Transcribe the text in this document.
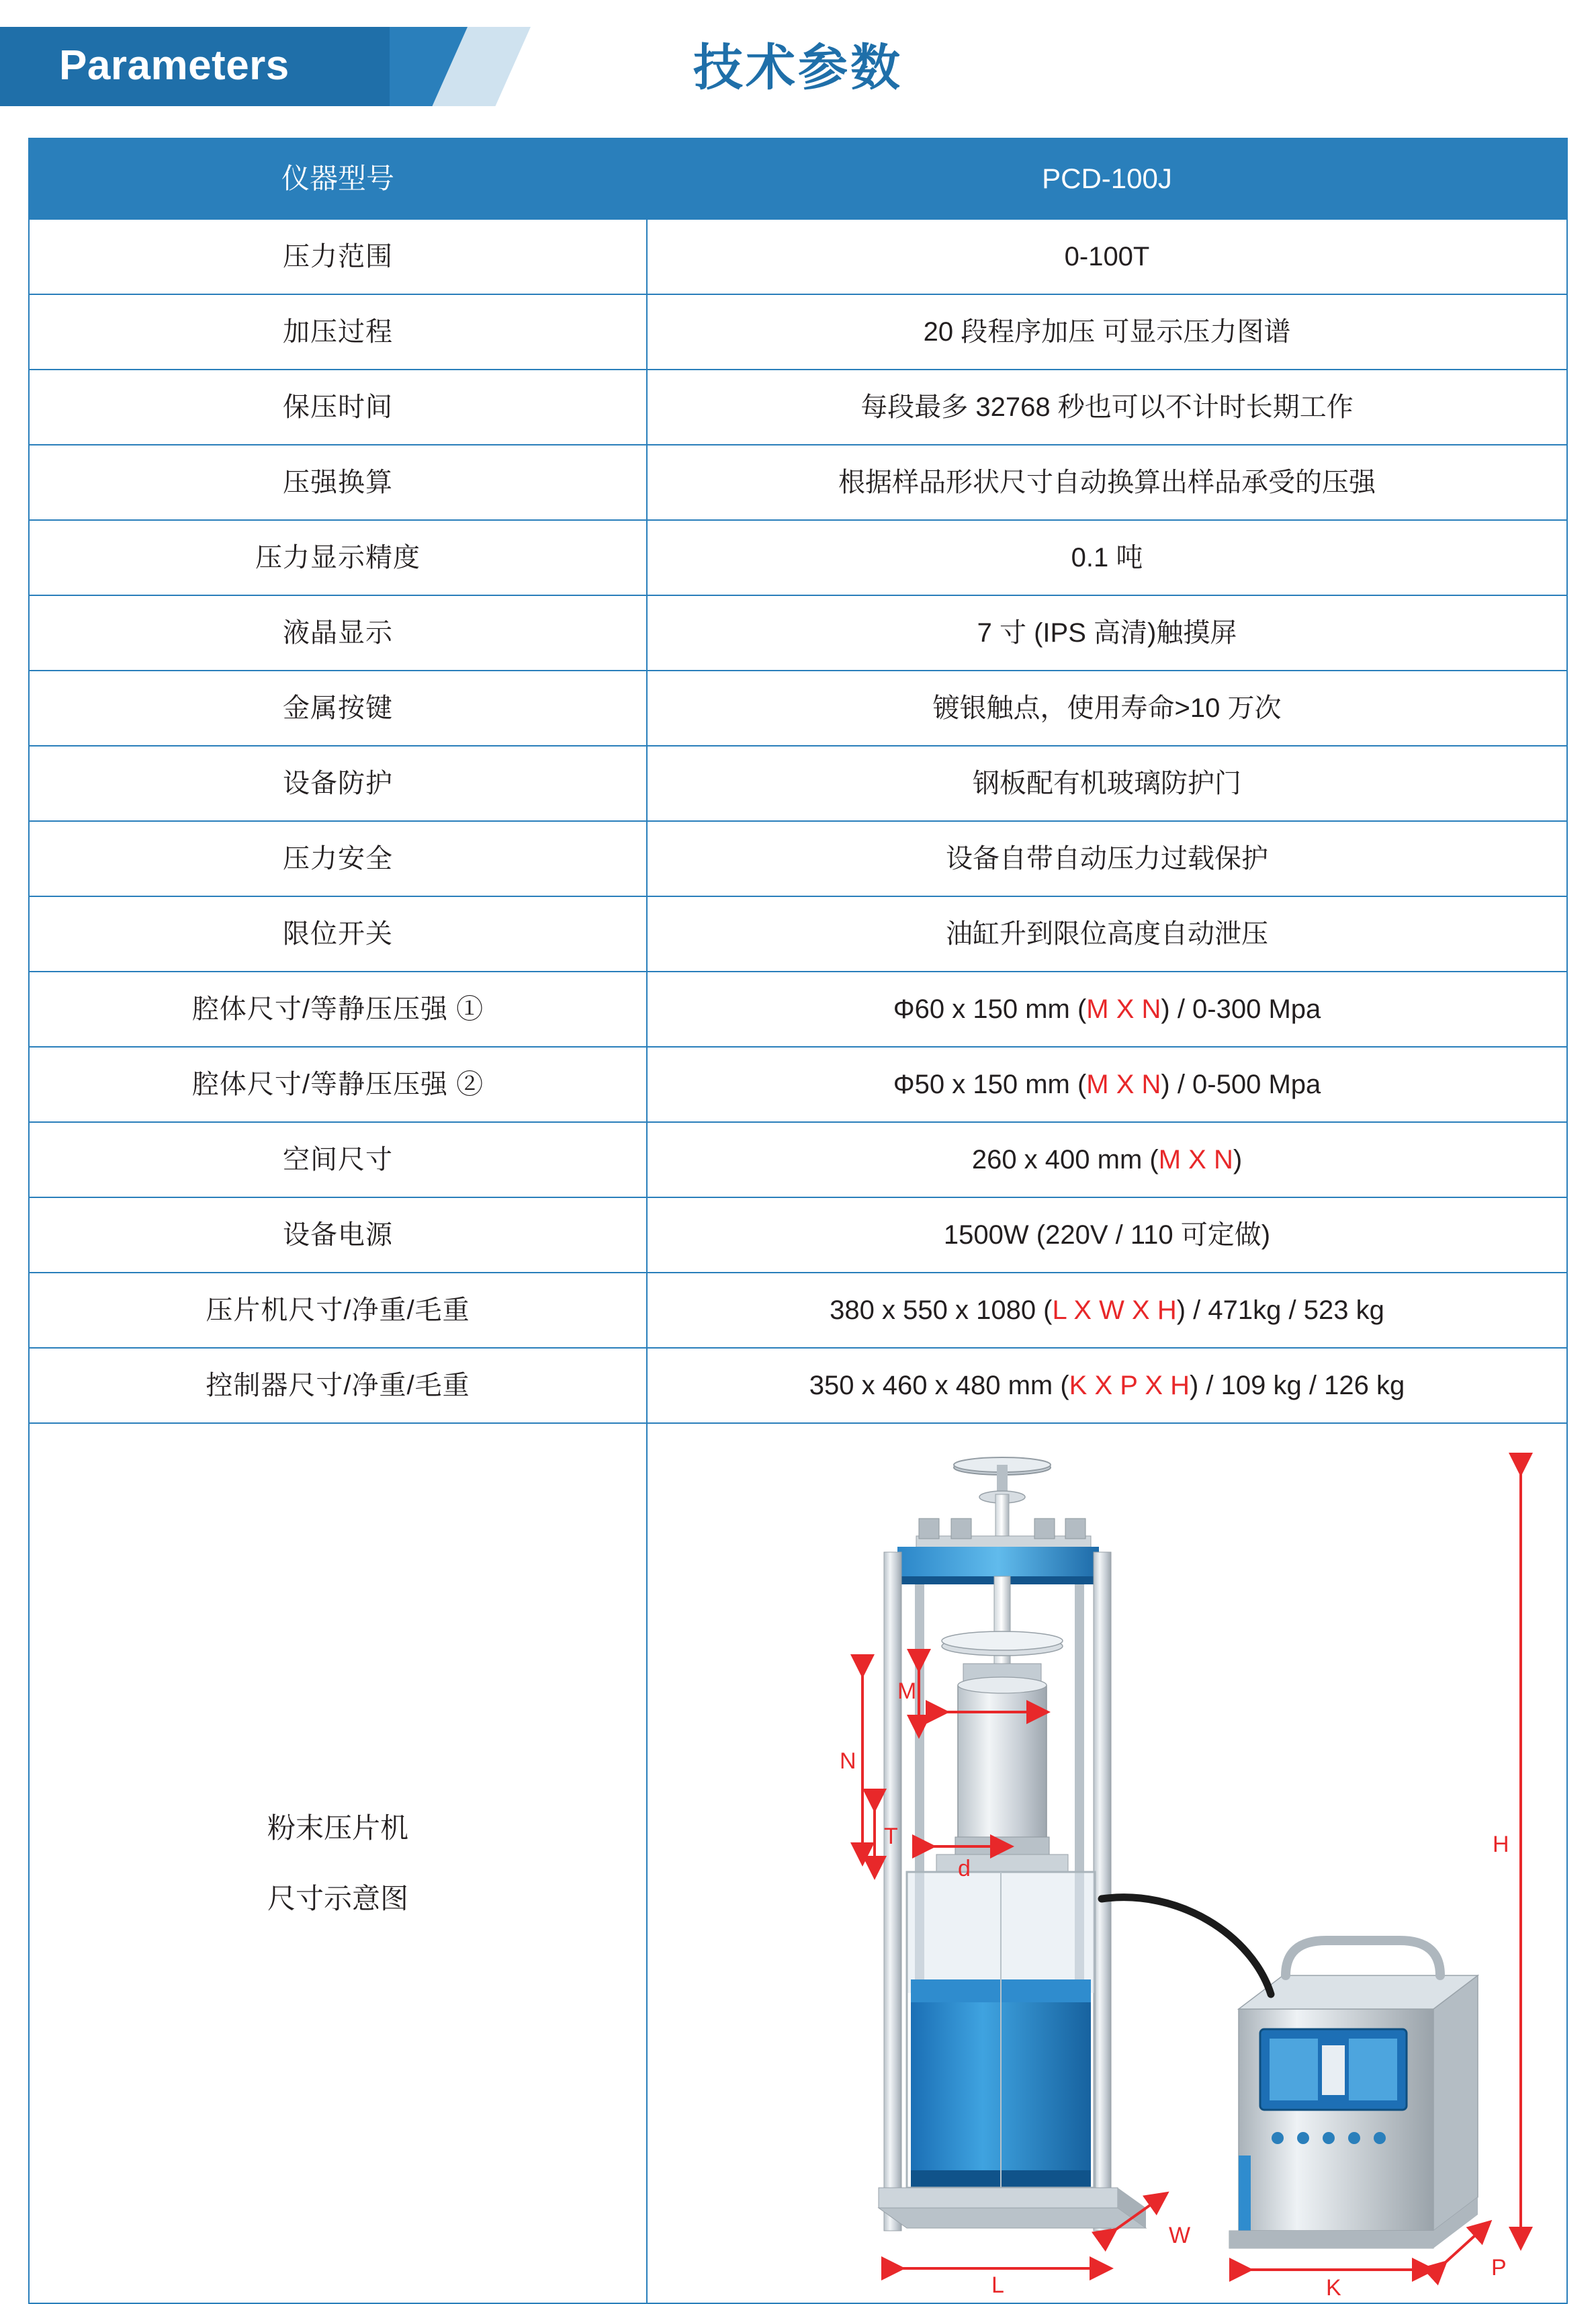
Parameters	技术参数
仪器型号	PCD-100J
压力范围	0-100T
加压过程	20 段程序加压 可显示压力图谱
保压时间	每段最多 32768 秒也可以不计时长期工作
压强换算	根据样品形状尺寸自动换算出样品承受的压强
压力显示精度	0.1 吨
液晶显示	7 寸 (IPS 高清)触摸屏
金属按键	镀银触点，使用寿命>10 万次
设备防护	钢板配有机玻璃防护门
压力安全	设备自带自动压力过载保护
限位开关	油缸升到限位高度自动泄压
腔体尺寸/等静压压强 ①	Φ60 x 150 mm (M X N) / 0-300 Mpa
腔体尺寸/等静压压强 ②	Φ50 x 150 mm (M X N) / 0-500 Mpa
空间尺寸	260 x 400 mm (M X N)
设备电源	1500W (220V / 110 可定做)
压片机尺寸/净重/毛重	380 x 550 x 1080 (L X W X H) / 471kg / 523 kg
控制器尺寸/净重/毛重	350 x 460 x 480 mm (K X P X H) / 109 kg / 126 kg

粉末压片机
尺寸示意图

N
M
T
d
L
W
K
P
H
